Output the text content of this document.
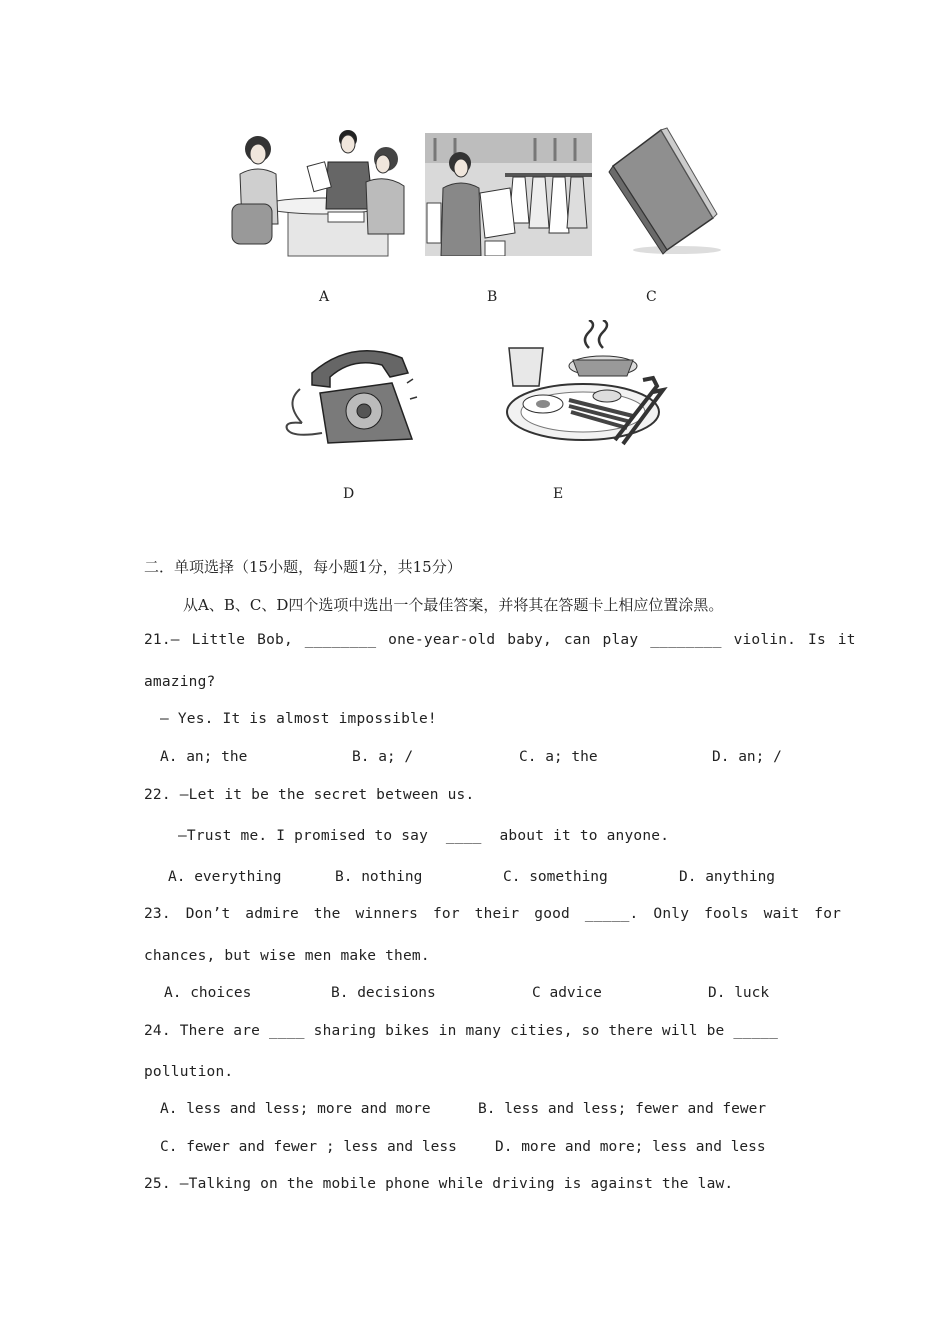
A	B	C
D	E
二．单项选择（15小题，每小题1分，共15分）
从A、B、C、D四个选项中选出一个最佳答案，并将其在答题卡上相应位置涂黑。
21.— Little Bob, ________ one-year-old baby, can play ________ violin. Is it
amazing?
— Yes. It is almost impossible!
A. an; the	B. a; /	C. a; the	D. an; /
22. —Let it be the secret between us.
—Trust me. I promised to say  ____  about it to anyone.
A. everything	B. nothing	C. something	D. anything
23. Don’t admire the winners for their good _____. Only fools wait for
chances, but wise men make them.
A. choices	B. decisions	C advice	D. luck
24. There are ____ sharing bikes in many cities, so there will be _____
pollution.
A. less and less; more and more	B. less and less; fewer and fewer
C. fewer and fewer ; less and less	D. more and more; less and less
25. —Talking on the mobile phone while driving is against the law.
